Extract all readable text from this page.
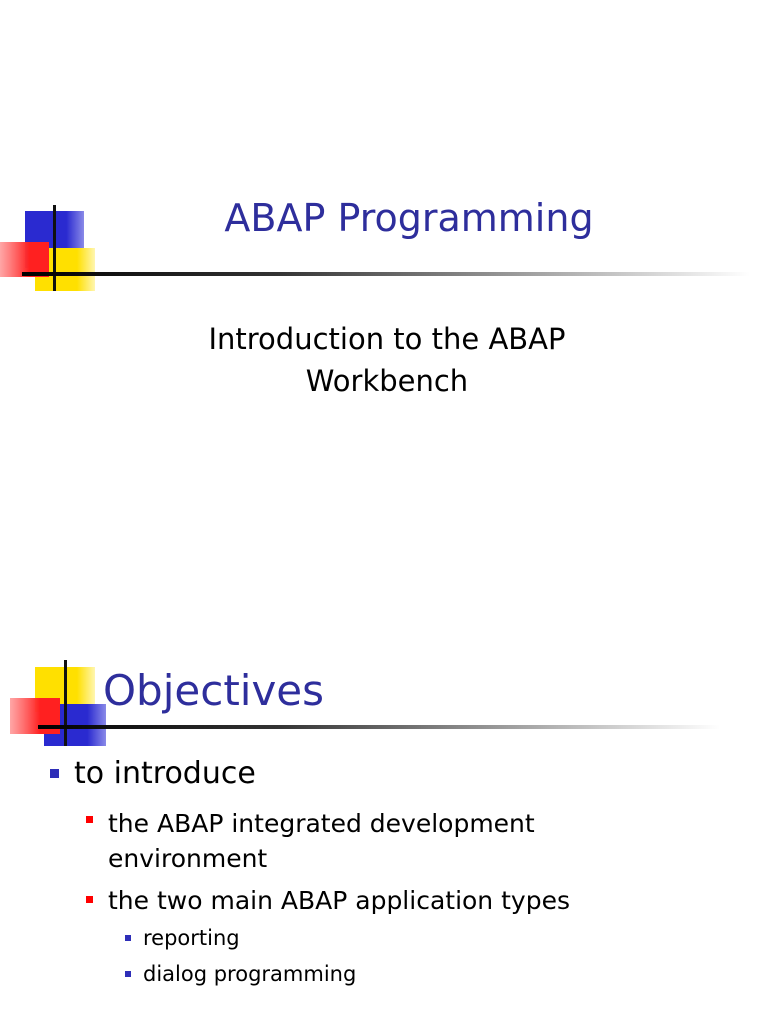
ABAP Programming
Introduction to the ABAP
Workbench
Objectives
to introduce
the ABAP integrated development
environment
the two main ABAP application types
reporting
dialog programming
